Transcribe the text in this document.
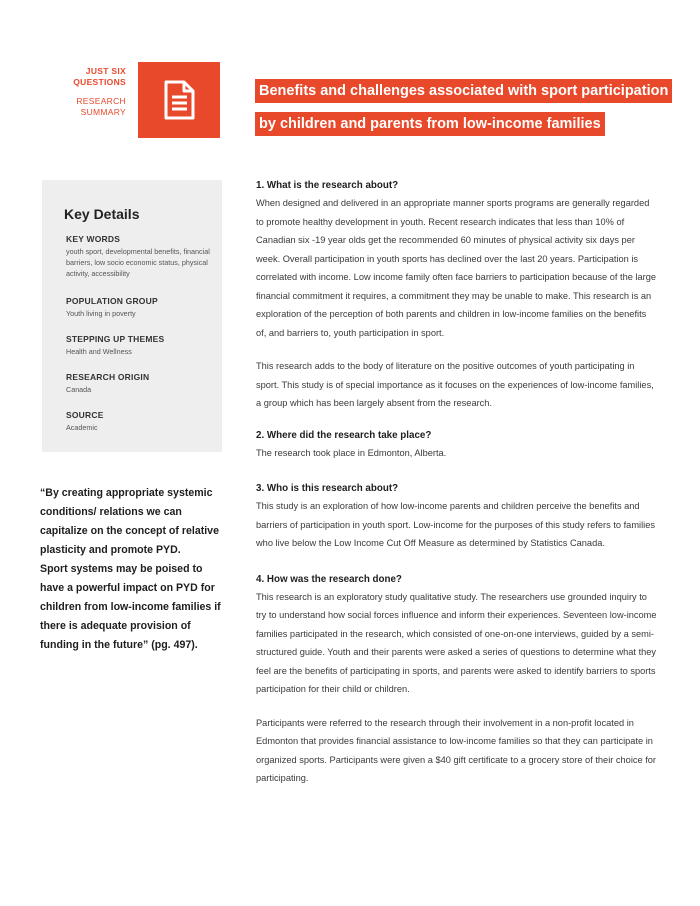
JUST SIX
QUESTIONS
RESEARCH
SUMMARY
Benefits and challenges associated with sport participation
by children and parents from low-income families
Key Details
KEY WORDS
youth sport, developmental benefits, financial barriers, low socio economic status, physical activity, accessibility
POPULATION GROUP
Youth living in poverty
STEPPING UP THEMES
Health and Wellness
RESEARCH ORIGIN
Canada
SOURCE
Academic
“By creating appropriate systemic conditions/ relations we can capitalize on the concept of relative plasticity and promote PYD.
Sport systems may be poised to have a powerful impact on PYD for children from low-income families if there is adequate provision of funding in the future” (pg. 497).
1. What is the research about?

When designed and delivered in an appropriate manner sports programs are generally regarded to promote healthy development in youth. Recent research indicates that less than 10% of Canadian six -19 year olds get the recommended 60 minutes of physical activity six days per week. Overall participation in youth sports has declined over the last 20 years. Participation is correlated with income. Low income family often face barriers to participation because of the large financial commitment it requires, a commitment they may be unable to make. This research is an exploration of the perception of both parents and children in low-income families on the benefits of, and barriers to, youth participation in sport.

This research adds to the body of literature on the positive outcomes of youth participating in sport. This study is of special importance as it focuses on the experiences of low-income families, a group which has been largely absent from the research.

2. Where did the research take place?

The research took place in Edmonton, Alberta.

3. Who is this research about?

This study is an exploration of how low-income parents and children perceive the benefits and barriers of participation in youth sport. Low-income for the purposes of this study refers to families who live below the Low Income Cut Off Measure as determined by Statistics Canada.

4. How was the research done?

This research is an exploratory study qualitative study. The researchers use grounded inquiry to try to understand how social forces influence and inform their experiences. Seventeen low-income families participated in the research, which consisted of one-on-one interviews, guided by a semi-structured guide. Youth and their parents were asked a series of questions to determine what they feel are the benefits of participating in sports, and parents were asked to identify barriers to sports participation for their child or children.

Participants were referred to the research through their involvement in a non-profit located in Edmonton that provides financial assistance to low-income families so that they can participate in organized sports. Participants were given a $40 gift certificate to a grocery store of their choice for participating.
